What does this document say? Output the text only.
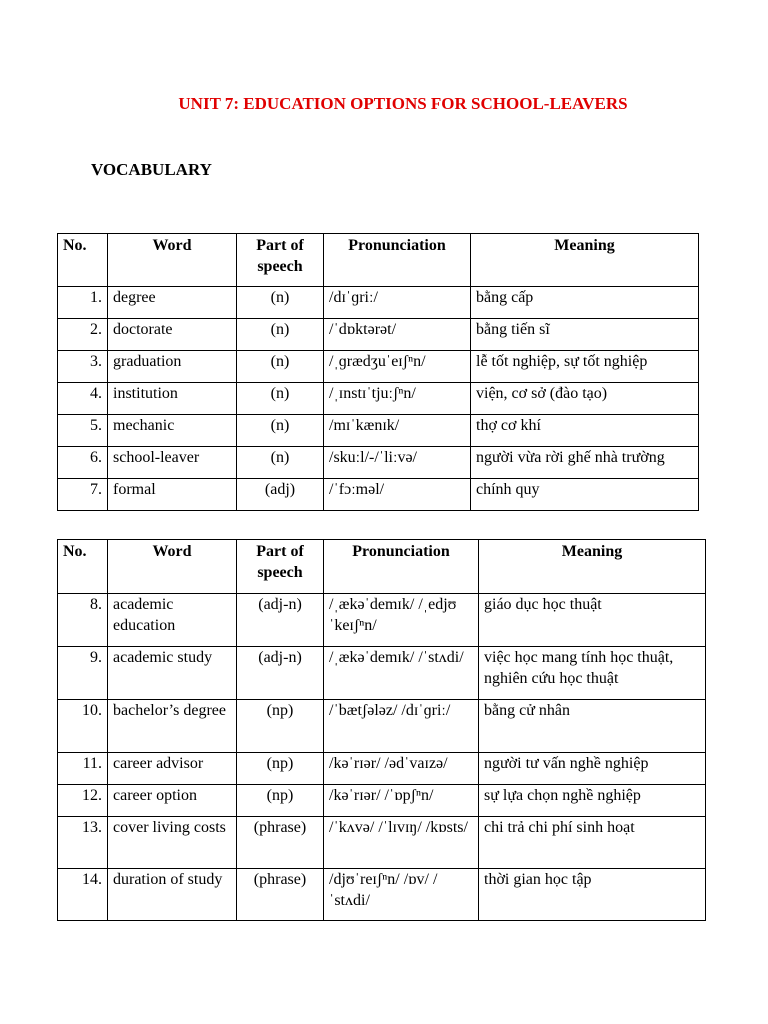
UNIT 7: EDUCATION OPTIONS FOR SCHOOL-LEAVERS
VOCABULARY
No.	Word	Part of speech	Pronunciation	Meaning
1.	degree	(n)	/dɪˈɡriː/	bằng cấp
2.	doctorate	(n)	/ˈdɒktərət/	bằng tiến sĩ
3.	graduation	(n)	/ˌɡrædʒuˈeɪʃⁿn/	lễ tốt nghiệp, sự tốt nghiệp
4.	institution	(n)	/ˌɪnstɪˈtjuːʃⁿn/	viện, cơ sở (đào tạo)
5.	mechanic	(n)	/mɪˈkænɪk/	thợ cơ khí
6.	school-leaver	(n)	/skuːl/-/ˈliːvə/	người vừa rời ghế nhà trường
7.	formal	(adj)	/ˈfɔːməl/	chính quy
No.	Word	Part of speech	Pronunciation	Meaning
8.	academic education	(adj-n)	/ˌækəˈdemɪk/ /ˌedjʊˈkeɪʃⁿn/	giáo dục học thuật
9.	academic study	(adj-n)	/ˌækəˈdemɪk/ /ˈstʌdi/	việc học mang tính học thuật, nghiên cứu học thuật
10.	bachelor’s degree	(np)	/ˈbætʃələz/ /dɪˈɡriː/	bằng cử nhân
11.	career advisor	(np)	/kəˈrɪər/ /ədˈvaɪzə/	người tư vấn nghề nghiệp
12.	career option	(np)	/kəˈrɪər/ /ˈɒpʃⁿn/	sự lựa chọn nghề nghiệp
13.	cover living costs	(phrase)	/ˈkʌvə/ /ˈlɪvɪŋ/ /kɒsts/	chi trả chi phí sinh hoạt
14.	duration of study	(phrase)	/djʊˈreɪʃⁿn/ /ɒv/ /ˈstʌdi/	thời gian học tập
